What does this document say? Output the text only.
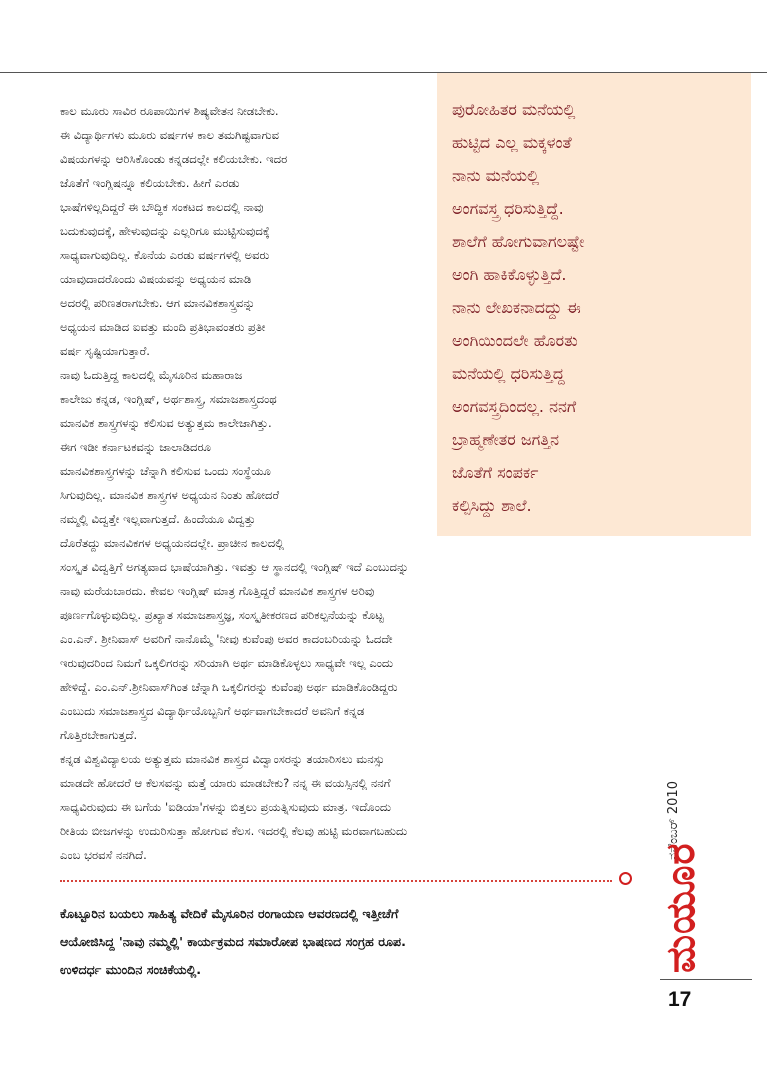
ಪುರೋಹಿತರ ಮನೆಯಲ್ಲಿ
ಹುಟ್ಟಿದ ಎಲ್ಲ ಮಕ್ಕಳಂತೆ
ನಾನು ಮನೆಯಲ್ಲಿ
ಅಂಗವಸ್ತ್ರ ಧರಿಸುತ್ತಿದ್ದೆ.
ಶಾಲೆಗೆ ಹೋಗುವಾಗಲಷ್ಟೇ
ಅಂಗಿ ಹಾಕಿಕೊಳ್ಳುತ್ತಿದೆ.
ನಾನು ಲೇಖಕನಾದದ್ದು ಈ
ಅಂಗಿಯಿಂದಲೇ ಹೊರತು
ಮನೆಯಲ್ಲಿ ಧರಿಸುತ್ತಿದ್ದ
ಅಂಗವಸ್ತ್ರದಿಂದಲ್ಲ. ನನಗೆ
ಬ್ರಾಹ್ಮಣೇತರ ಜಗತ್ತಿನ
ಜೊತೆಗೆ ಸಂಪರ್ಕ
ಕಲ್ಪಿಸಿದ್ದು ಶಾಲೆ.
ಕಾಲ ಮೂರು ಸಾವಿರ ರೂಪಾಯಿಗಳ ಶಿಷ್ಯವೇತನ ನೀಡಬೇಕು.
ಈ ವಿದ್ಯಾರ್ಥಿಗಳು ಮೂರು ವರ್ಷಗಳ ಕಾಲ ತಮಗಿಷ್ಟವಾಗುವ
ವಿಷಯಗಳನ್ನು ಆರಿಸಿಕೊಂಡು ಕನ್ನಡದಲ್ಲೇ ಕಲಿಯಬೇಕು. ಇದರ
ಜೊತೆಗೆ ಇಂಗ್ಲಿಷನ್ನೂ ಕಲಿಯಬೇಕು. ಹೀಗೆ ಎರಡು
ಭಾಷೆಗಳಿಲ್ಲದಿದ್ದರೆ ಈ ಬೌದ್ಧಿಕ ಸಂಕಟದ ಕಾಲದಲ್ಲಿ ನಾವು
ಬದುಕುವುದಕ್ಕೆ, ಹೇಳುವುದನ್ನು ಎಲ್ಲರಿಗೂ ಮುಟ್ಟಿಸುವುದಕ್ಕೆ
ಸಾಧ್ಯವಾಗುವುದಿಲ್ಲ. ಕೊನೆಯ ಎರಡು ವರ್ಷಗಳಲ್ಲಿ ಅವರು
ಯಾವುದಾದರೊಂದು ವಿಷಯವನ್ನು ಅಧ್ಯಯನ ಮಾಡಿ
ಅದರಲ್ಲಿ ಪರಿಣತರಾಗಬೇಕು. ಆಗ ಮಾನವಿಕಶಾಸ್ತ್ರವನ್ನು
ಅಧ್ಯಯನ ಮಾಡಿದ ಐವತ್ತು ಮಂದಿ ಪ್ರತಿಭಾವಂತರು ಪ್ರತೀ
ವರ್ಷ ಸೃಷ್ಟಿಯಾಗುತ್ತಾರೆ.
ನಾವು ಓದುತ್ತಿದ್ದ ಕಾಲದಲ್ಲಿ ಮೈಸೂರಿನ ಮಹಾರಾಜ
ಕಾಲೇಜು ಕನ್ನಡ, ಇಂಗ್ಲಿಷ್, ಅರ್ಥಶಾಸ್ತ್ರ, ಸಮಾಜಶಾಸ್ತ್ರದಂಥ
ಮಾನವಿಕ ಶಾಸ್ತ್ರಗಳನ್ನು ಕಲಿಸುವ ಅತ್ಯುತ್ತಮ ಕಾಲೇಜಾಗಿತ್ತು.
ಈಗ ಇಡೀ ಕರ್ನಾಟಕವನ್ನು ಜಾಲಾಡಿದರೂ
ಮಾನವಿಕಶಾಸ್ತ್ರಗಳನ್ನು ಚೆನ್ನಾಗಿ ಕಲಿಸುವ ಒಂದು ಸಂಸ್ಥೆಯೂ
ಸಿಗುವುದಿಲ್ಲ. ಮಾನವಿಕ ಶಾಸ್ತ್ರಗಳ ಅಧ್ಯಯನ ನಿಂತು ಹೋದರೆ
ನಮ್ಮಲ್ಲಿ ವಿದ್ವತ್ತೇ ಇಲ್ಲವಾಗುತ್ತದೆ. ಹಿಂದೆಯೂ ವಿದ್ವತ್ತು
ದೊರೆತದ್ದು ಮಾನವಿಕಗಳ ಅಧ್ಯಯನದಲ್ಲೇ. ಪ್ರಾಚೀನ ಕಾಲದಲ್ಲಿ
ಸಂಸ್ಕೃತ ವಿದ್ವತ್ತಿಗೆ ಅಗತ್ಯವಾದ ಭಾಷೆಯಾಗಿತ್ತು. ಇವತ್ತು ಆ ಸ್ಥಾನದಲ್ಲಿ ಇಂಗ್ಲಿಷ್ ಇದೆ ಎಂಬುದನ್ನು
ನಾವು ಮರೆಯಬಾರದು. ಕೇವಲ ಇಂಗ್ಲಿಷ್ ಮಾತ್ರ ಗೊತ್ತಿದ್ದರೆ ಮಾನವಿಕ ಶಾಸ್ತ್ರಗಳ ಅರಿವು
ಪೂರ್ಣಗೊಳ್ಳುವುದಿಲ್ಲ. ಪ್ರಖ್ಯಾತ ಸಮಾಜಶಾಸ್ತ್ರಜ್ಞ, ಸಂಸ್ಕೃತೀಕರಣದ ಪರಿಕಲ್ಪನೆಯನ್ನು ಕೊಟ್ಟ
ಎಂ.ಎನ್. ಶ್ರೀನಿವಾಸ್ ಅವರಿಗೆ ನಾನೊಮ್ಮೆ 'ನೀವು ಕುವೆಂಪು ಅವರ ಕಾದಂಬರಿಯನ್ನು ಓದದೇ
ಇರುವುದರಿಂದ ನಿಮಗೆ ಒಕ್ಕಲಿಗರನ್ನು ಸರಿಯಾಗಿ ಅರ್ಥ ಮಾಡಿಕೊಳ್ಳಲು ಸಾಧ್ಯವೇ ಇಲ್ಲ ಎಂದು
ಹೇಳಿದ್ದೆ. ಎಂ.ಎನ್.ಶ್ರೀನಿವಾಸ್‌ಗಿಂತ ಚೆನ್ನಾಗಿ ಒಕ್ಕಲಿಗರನ್ನು ಕುವೆಂಪು ಅರ್ಥ ಮಾಡಿಕೊಂಡಿದ್ದರು
ಎಂಬುದು ಸಮಾಜಶಾಸ್ತ್ರದ ವಿದ್ಯಾರ್ಥಿಯೊಬ್ಬನಿಗೆ ಅರ್ಥವಾಗಬೇಕಾದರೆ ಅವನಿಗೆ ಕನ್ನಡ
ಗೊತ್ತಿರಬೇಕಾಗುತ್ತದೆ.
ಕನ್ನಡ ವಿಶ್ವವಿದ್ಯಾಲಯ ಅತ್ಯುತ್ತಮ ಮಾನವಿಕ ಶಾಸ್ತ್ರದ ವಿದ್ವಾಂಸರನ್ನು ತಯಾರಿಸಲು ಮನಸ್ಸು
ಮಾಡದೇ ಹೋದರೆ ಆ ಕೆಲಸವನ್ನು ಮತ್ತೆ ಯಾರು ಮಾಡಬೇಕು? ನನ್ನ ಈ ವಯಸ್ಸಿನಲ್ಲಿ ನನಗೆ
ಸಾಧ್ಯವಿರುವುದು ಈ ಬಗೆಯ 'ಐಡಿಯಾ'ಗಳನ್ನು ಬಿತ್ತಲು ಪ್ರಯತ್ನಿಸುವುದು ಮಾತ್ರ. ಇದೊಂದು
ರೀತಿಯ ಬೀಜಗಳನ್ನು ಉದುರಿಸುತ್ತಾ ಹೋಗುವ ಕೆಲಸ. ಇದರಲ್ಲಿ ಕೆಲವು ಹುಟ್ಟಿ ಮರವಾಗಬಹುದು
ಎಂಬ ಭರವಸೆ ನನಗಿದೆ.
ಕೊಟ್ಟೂರಿನ ಬಯಲು ಸಾಹಿತ್ಯ ವೇದಿಕೆ ಮೈಸೂರಿನ ರಂಗಾಯಣ ಆವರಣದಲ್ಲಿ ಇತ್ತೀಚೆಗೆ
ಆಯೋಜಿಸಿದ್ದ 'ನಾವು ನಮ್ಮಲ್ಲಿ' ಕಾರ್ಯಕ್ರಮದ ಸಮಾರೋಪ ಭಾಷಣದ ಸಂಗ್ರಹ ರೂಪ.
ಉಳಿದರ್ಧ ಮುಂದಿನ ಸಂಚಿಕೆಯಲ್ಲಿ.
ನವೆಂಬರ್ 2010
ಮಯೂರ
17
